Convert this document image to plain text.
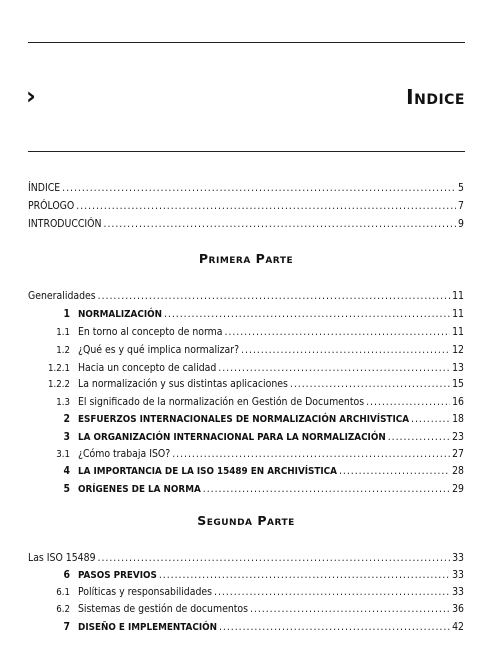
›	Indice
ÍNDICE . . .	5
PRÓLOGO . . .	7
INTRODUCCIÓN . . .	9
Primera Parte
Generalidades . . .	11
1 NORMALIZACIÓN . . .	11
1.1 En torno al concepto de norma . . .	11
1.2 ¿Qué es y qué implica normalizar? . . .	12
1.2.1 Hacia un concepto de calidad . . .	13
1.2.2 La normalización y sus distintas aplicaciones . . .	15
1.3 El significado de la normalización en Gestión de Documentos . . .	16
2 ESFUERZOS INTERNACIONALES DE NORMALIZACIÓN ARCHIVÍSTICA . . .	18
3 LA ORGANIZACIÓN INTERNACIONAL PARA LA NORMALIZACIÓN . . .	23
3.1 ¿Cómo trabaja ISO? . . .	27
4 LA IMPORTANCIA DE LA ISO 15489 EN ARCHIVÍSTICA . . .	28
5 ORÍGENES DE LA NORMA . . .	29
Segunda Parte
Las ISO 15489 . . .	33
6 PASOS PREVIOS . . .	33
6.1 Políticas y responsabilidades . . .	33
6.2 Sistemas de gestión de documentos . . .	36
7 DISEÑO E IMPLEMENTACIÓN . . .	42
